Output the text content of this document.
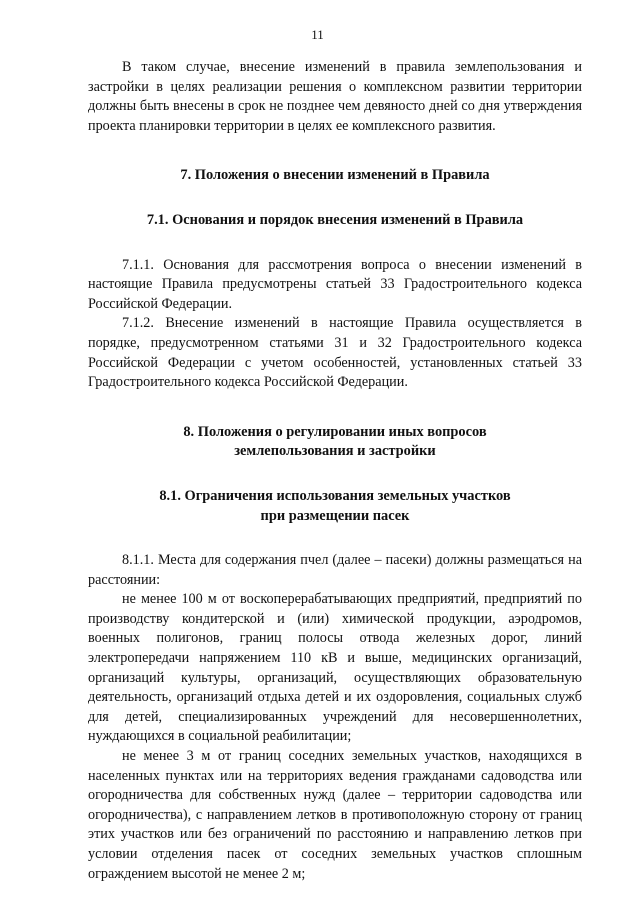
11

В таком случае, внесение изменений в правила землепользования и застройки в целях реализации решения о комплексном развитии территории должны быть внесены в срок не позднее чем девяносто дней со дня утверждения проекта планировки территории в целях ее комплексного развития.

7. Положения о внесении изменений в Правила

7.1. Основания и порядок внесения изменений в Правила

7.1.1. Основания для рассмотрения вопроса о внесении изменений в настоящие Правила предусмотрены статьей 33 Градостроительного кодекса Российской Федерации.

7.1.2. Внесение изменений в настоящие Правила осуществляется в порядке, предусмотренном статьями 31 и 32 Градостроительного кодекса Российской Федерации с учетом особенностей, установленных статьей 33 Градостроительного кодекса Российской Федерации.

8. Положения о регулировании иных вопросов
землепользования и застройки

8.1. Ограничения использования земельных участков
при размещении пасек

8.1.1. Места для содержания пчел (далее – пасеки) должны размещаться на расстоянии:

не менее 100 м от воскоперерабатывающих предприятий, предприятий по производству кондитерской и (или) химической продукции, аэродромов, военных полигонов, границ полосы отвода железных дорог, линий электропередачи напряжением 110 кВ и выше, медицинских организаций, организаций культуры, организаций, осуществляющих образовательную деятельность, организаций отдыха детей и их оздоровления, социальных служб для детей, специализированных учреждений для несовершеннолетних, нуждающихся в социальной реабилитации;

не менее 3 м от границ соседних земельных участков, находящихся в населенных пунктах или на территориях ведения гражданами садоводства или огородничества для собственных нужд (далее – территории садоводства или огородничества), с направлением летков в противоположную сторону от границ этих участков или без ограничений по расстоянию и направлению летков при условии отделения пасек от соседних земельных участков сплошным ограждением высотой не менее 2 м;
